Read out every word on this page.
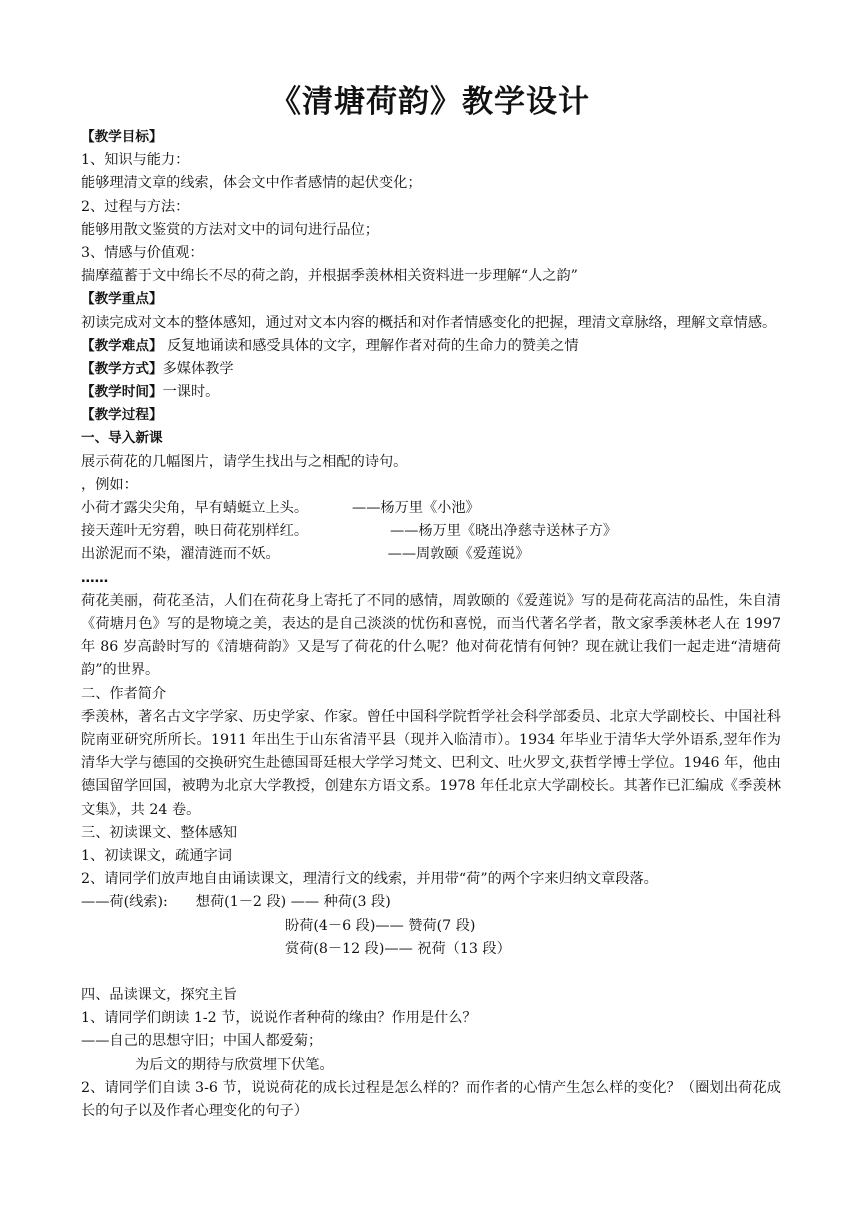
《清塘荷韵》教学设计
【教学目标】
1、知识与能力：
能够理清文章的线索，体会文中作者感情的起伏变化；
2、过程与方法：
能够用散文鉴赏的方法对文中的词句进行品位；
3、情感与价值观：
揣摩蕴蓄于文中绵长不尽的荷之韵，并根据季羡林相关资料进一步理解“人之韵”
【教学重点】
初读完成对文本的整体感知，通过对文本内容的概括和对作者情感变化的把握，理清文章脉络，理解文章情感。
【教学难点】 反复地诵读和感受具体的文字，理解作者对荷的生命力的赞美之情
【教学方式】多媒体教学
【教学时间】一课时。
【教学过程】
一、导入新课
展示荷花的几幅图片，请学生找出与之相配的诗句。
，例如：
小荷才露尖尖角，早有蜻蜓立上头。	——杨万里《小池》
接天莲叶无穷碧，映日荷花别样红。	——杨万里《晓出净慈寺送林子方》
出淤泥而不染，濯清涟而不妖。	——周敦颐《爱莲说》
……
荷花美丽，荷花圣洁，人们在荷花身上寄托了不同的感情，周敦颐的《爱莲说》写的是荷花高洁的品性，朱自清《荷塘月色》写的是物境之美，表达的是自己淡淡的忧伤和喜悦，而当代著名学者，散文家季羡林老人在 1997 年 86 岁高龄时写的《清塘荷韵》又是写了荷花的什么呢？他对荷花情有何钟？现在就让我们一起走进“清塘荷韵”的世界。
二、作者简介
季羡林，著名古文字学家、历史学家、作家。曾任中国科学院哲学社会科学部委员、北京大学副校长、中国社科院南亚研究所所长。1911 年出生于山东省清平县（现并入临清市）。1934 年毕业于清华大学外语系,翌年作为清华大学与德国的交换研究生赴德国哥廷根大学学习梵文、巴利文、吐火罗文,获哲学博士学位。1946 年，他由德国留学回国，被聘为北京大学教授，创建东方语文系。1978 年任北京大学副校长。其著作已汇编成《季羡林文集》，共 24 卷。
三、初读课文、整体感知
1、初读课文，疏通字词
2、请同学们放声地自由诵读课文，理清行文的线索，并用带“荷”的两个字来归纳文章段落。
——荷(线索): 想荷(1－2 段) —— 种荷(3 段)
盼荷(4－6 段)—— 赞荷(7 段)
赏荷(8－12 段)—— 祝荷（13 段）
四、品读课文，探究主旨
1、请同学们朗读 1-2 节，说说作者种荷的缘由？作用是什么？
——自己的思想守旧；中国人都爱菊；
为后文的期待与欣赏埋下伏笔。
2、请同学们自读 3-6 节，说说荷花的成长过程是怎么样的？而作者的心情产生怎么样的变化？（圈划出荷花成长的句子以及作者心理变化的句子）
